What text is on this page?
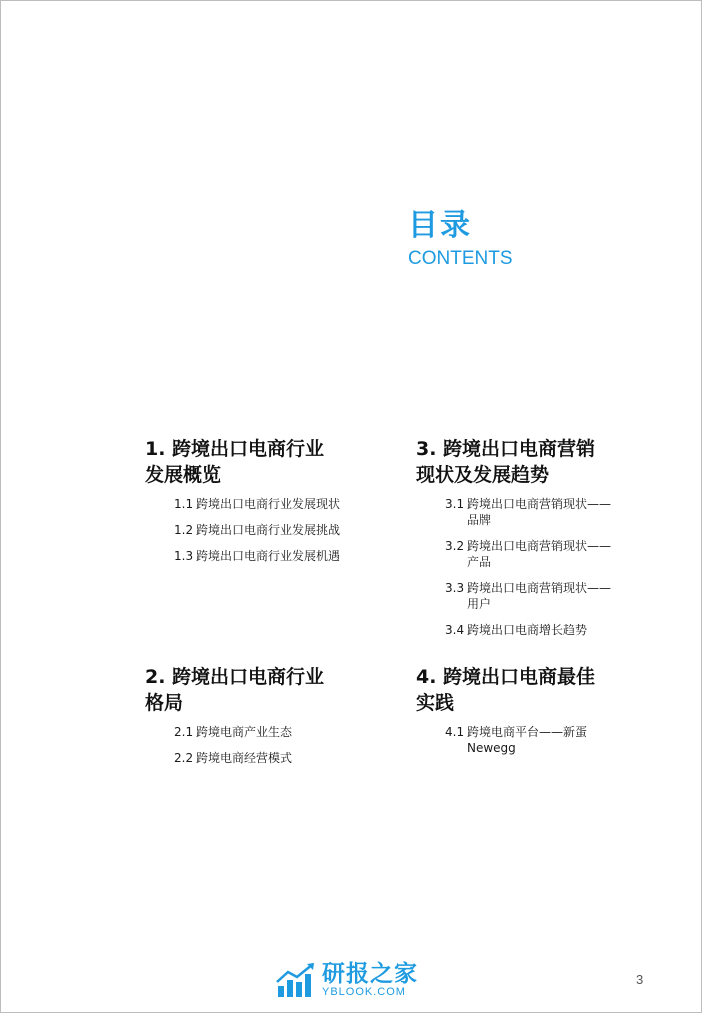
目录
CONTENTS
1. 跨境出口电商行业
发展概览
1.1 跨境出口电商行业发展现状
1.2 跨境出口电商行业发展挑战
1.3 跨境出口电商行业发展机遇
2. 跨境出口电商行业
格局
2.1 跨境电商产业生态
2.2 跨境电商经营模式
3. 跨境出口电商营销
现状及发展趋势
3.1 跨境出口电商营销现状——
品牌
3.2 跨境出口电商营销现状——
产品
3.3 跨境出口电商营销现状——
用户
3.4 跨境出口电商增长趋势
4. 跨境出口电商最佳
实践
4.1 跨境电商平台——新蛋
Newegg
研报之家
YBLOOK.COM
3
